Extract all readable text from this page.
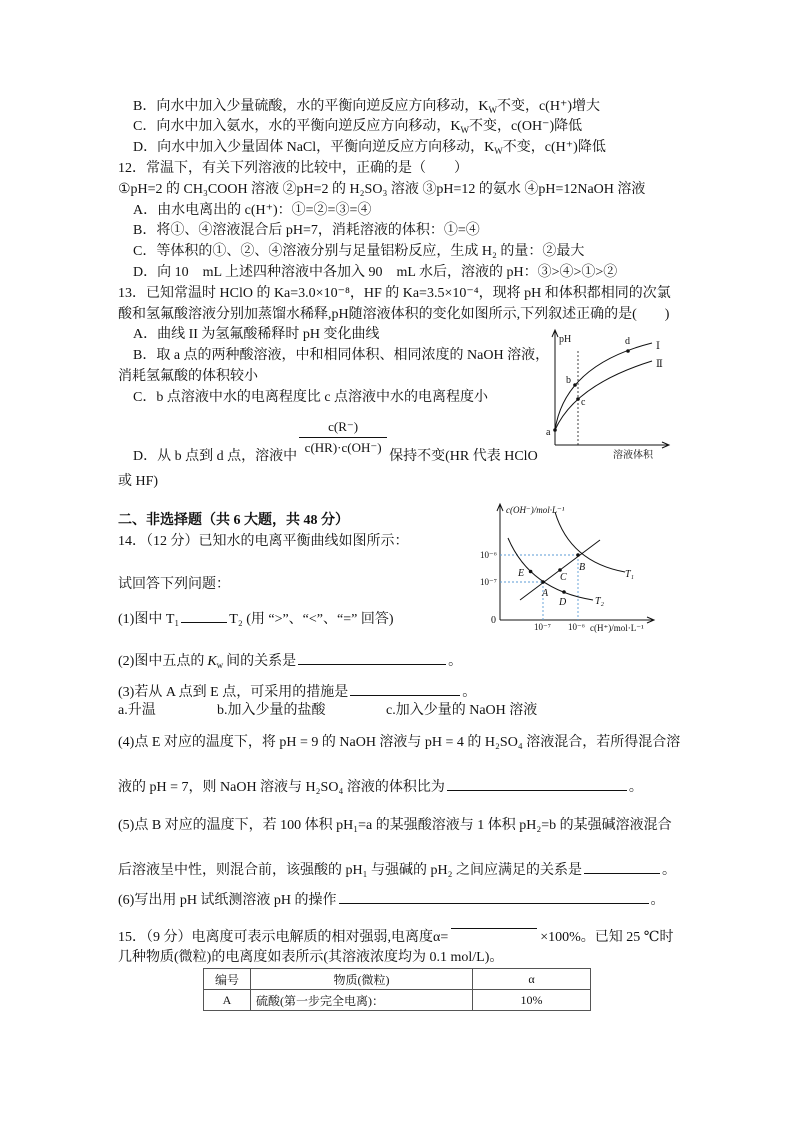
B．向水中加入少量硫酸，水的平衡向逆反应方向移动，$K_W$不变，c(H⁺)增大
C．向水中加入氨水，水的平衡向逆反应方向移动，$K_W$不变，c(OH⁻)降低
D．向水中加入少量固体 NaCl，平衡向逆反应方向移动，$K_W$不变，c(H⁺)降低
12．常温下，有关下列溶液的比较中，正确的是（　　）
①pH=2 的 CH₃COOH 溶液 ②pH=2 的 H₂SO₃ 溶液 ③pH=12 的氨水 ④pH=12NaOH 溶液
A．由水电离出的 c(H⁺)：①=②=③=④
B．将①、④溶液混合后 pH=7，消耗溶液的体积：①=④
C．等体积的①、②、④溶液分别与足量铝粉反应，生成 H₂ 的量：②最大
D．向 10　mL 上述四种溶液中各加入 90　mL 水后，溶液的 pH：③>④>①>②
13．已知常温时 HClO 的 Ka=3.0×10⁻⁸，HF 的 Ka=3.5×10⁻⁴，现将 pH 和体积都相同的次氯
酸和氢氟酸溶液分别加蒸馏水稀释,pH随溶液体积的变化如图所示,下列叙述正确的是(　　)
A．曲线 II 为氢氟酸稀释时 pH 变化曲线
B．取 a 点的两种酸溶液，中和相同体积、相同浓度的 NaOH 溶液，
消耗氢氟酸的体积较小
C．b 点溶液中水的电离程度比 c 点溶液中水的电离程度小
D．从 b 点到 d 点，溶液中
$\frac{c(R^-)}{c(HR)\cdot c(OH^-)}$
保持不变(HR 代表 HClO
或 HF)
pH
溶液体积
Ⅰ
Ⅱ
a
b
c
d
二、非选择题（共 6 大题，共 48 分）
14．（12 分）已知水的电离平衡曲线如图所示：
试回答下列问题：
(1)图中 T₁	T₂ (用 “>”、“<”、“=” 回答)
(2)图中五点的 $K_w$ 间的关系是	。
(3)若从 A 点到 E 点，可采用的措施是	。
a.升温	b.加入少量的盐酸	c.加入少量的 NaOH 溶液
(4)点 E 对应的温度下，将 pH = 9 的 NaOH 溶液与 pH = 4 的 H₂SO₄ 溶液混合，若所得混合溶
液的 pH = 7，则 NaOH 溶液与 H₂SO₄ 溶液的体积比为	。
(5)点 B 对应的温度下，若 100 体积 pH₁=a 的某强酸溶液与 1 体积 pH₂=b 的某强碱溶液混合
后溶液呈中性，则混合前，该强酸的 pH₁ 与强碱的 pH₂ 之间应满足的关系是	。
(6)写出用 pH 试纸测溶液 pH 的操作	。
c(OH⁻)/mol·L⁻¹
c(H⁺)/mol·L⁻¹
0
10⁻⁶
10⁻⁷
10⁻⁷ 10⁻⁶
T₁
T₂
A
B
C
D
E
15．（9 分）电离度可表示电解质的相对强弱,电离度α=	×100%。已知 25 ℃时
几种物质(微粒)的电离度如表所示(其溶液浓度均为 0.1 mol/L)。
编号	物质(微粒)	α
A	硫酸(第一步完全电离)：	10%
